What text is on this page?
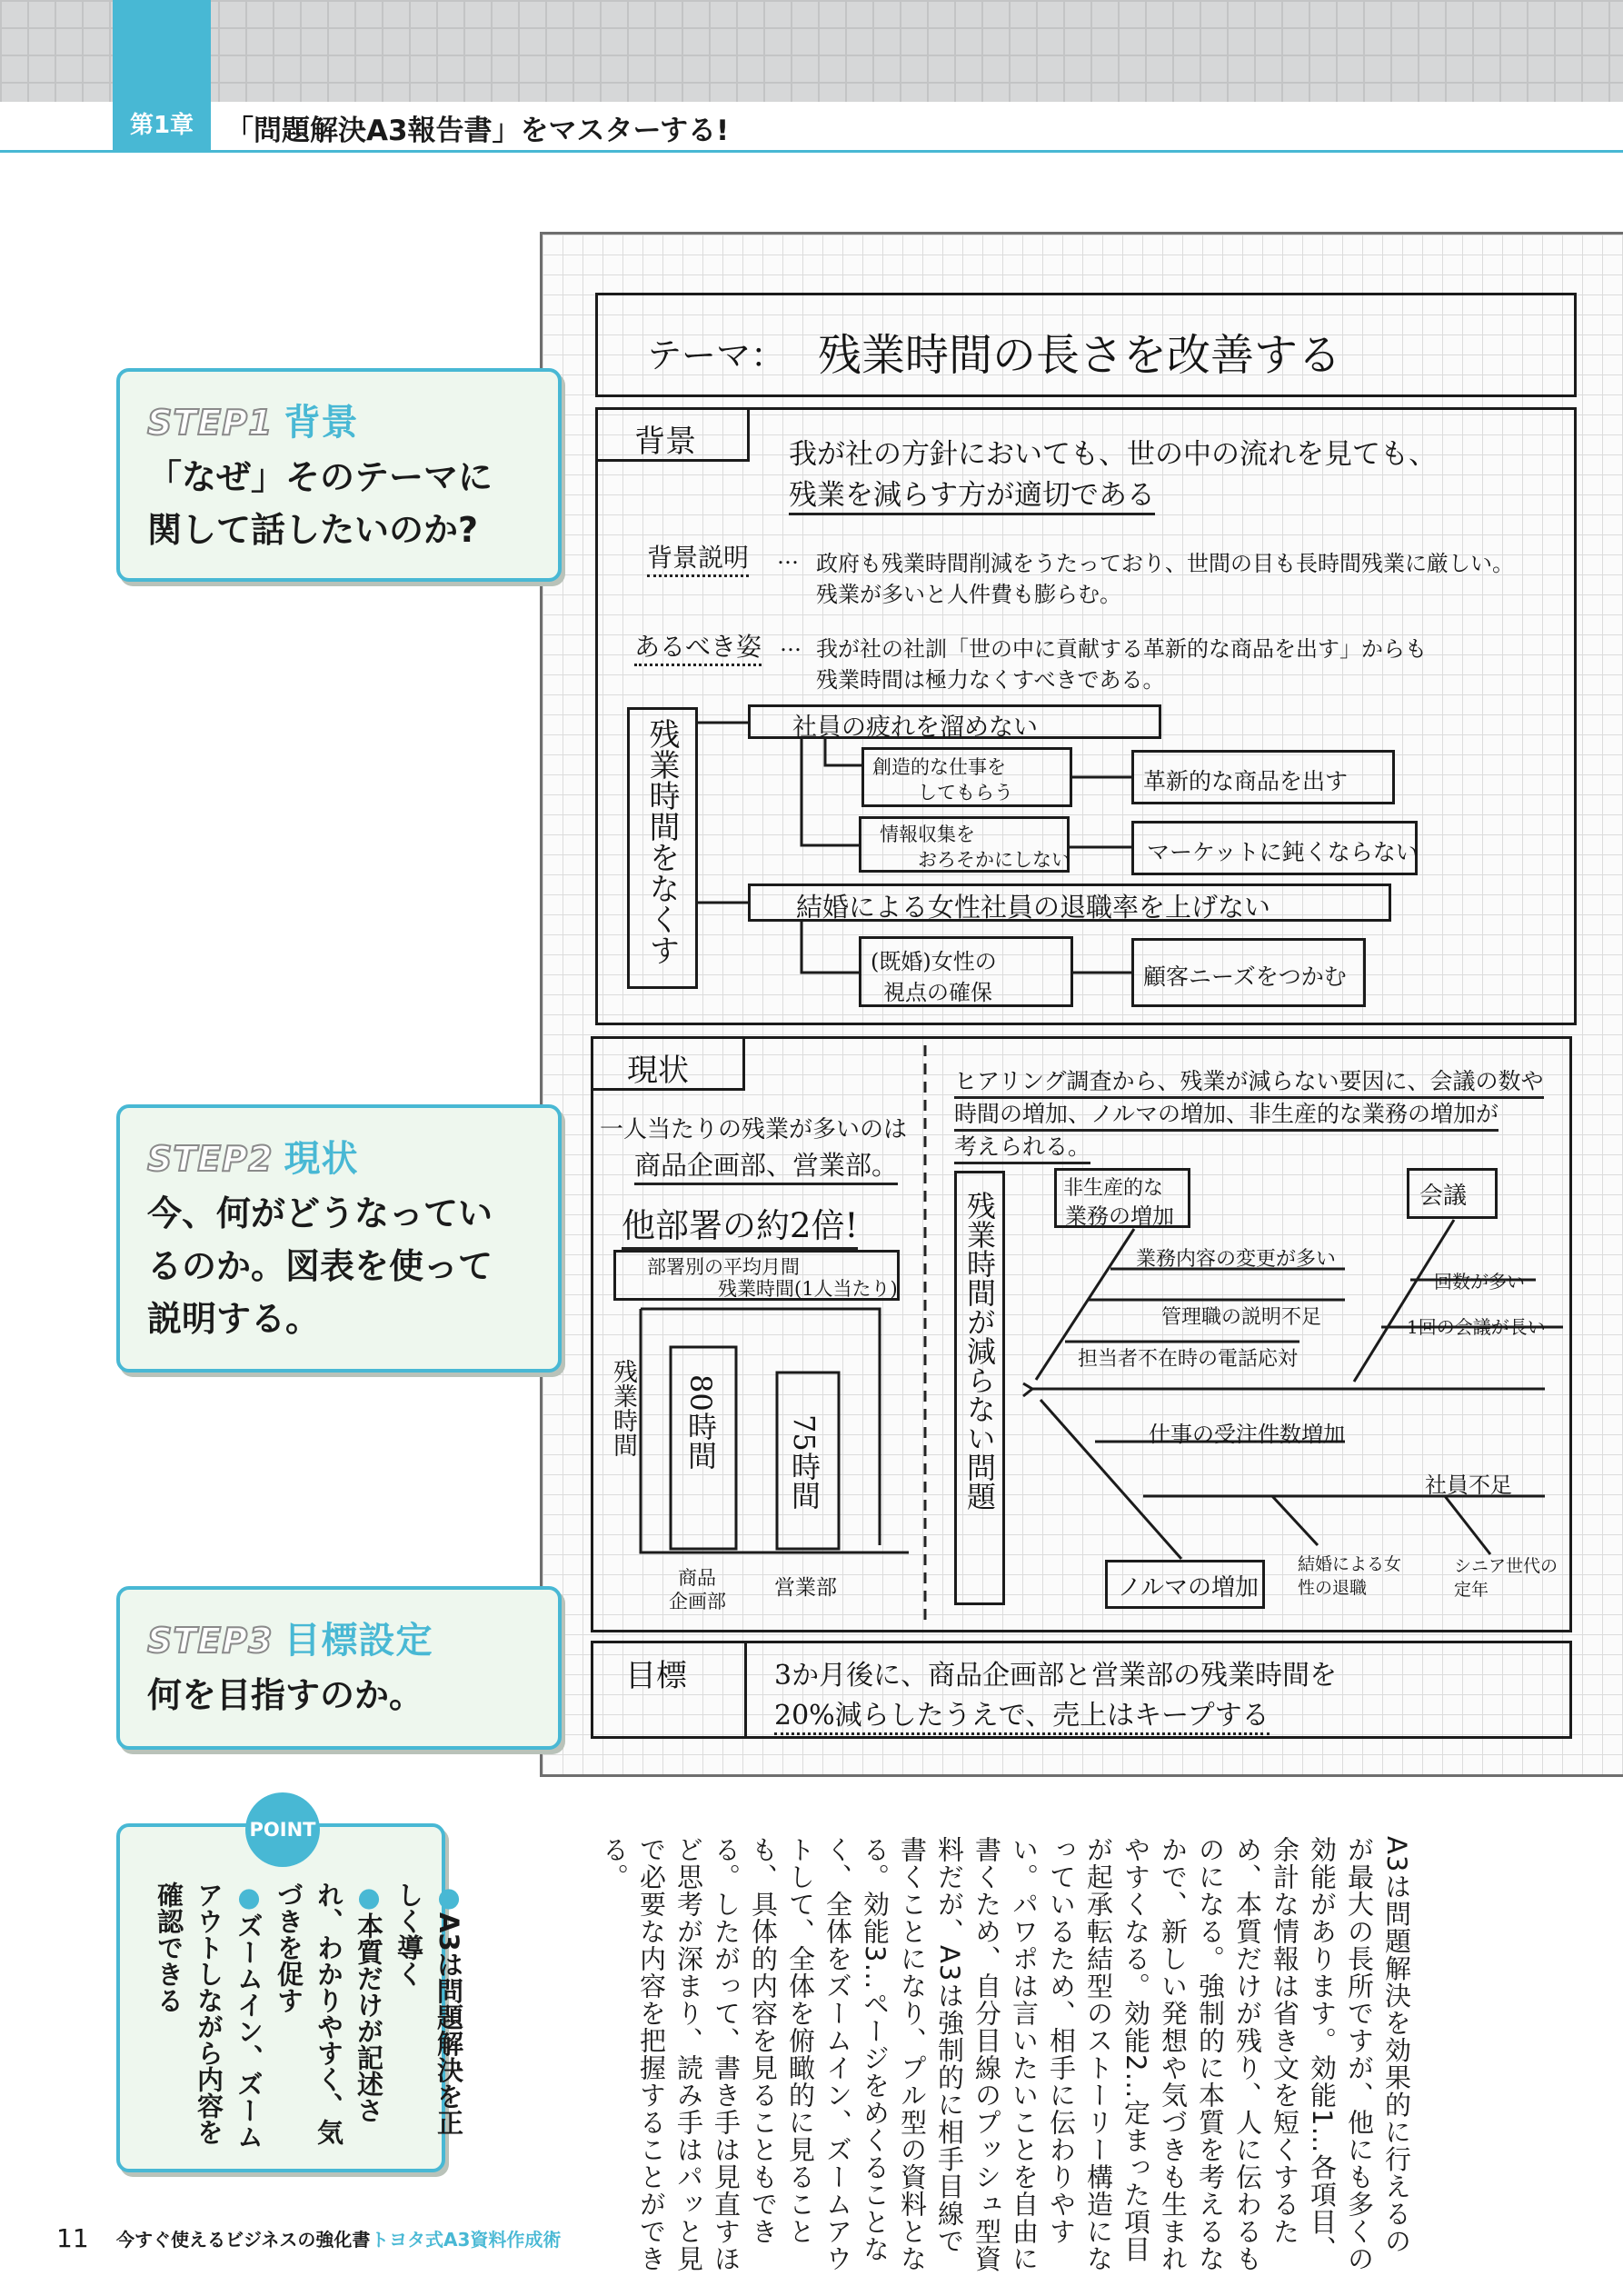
第1章	「問題解決A3報告書」をマスターする!
テーマ： 残業時間の長さを改善する
背景	我が社の方針においても、世の中の流れを見ても、
残業を減らす方が適切である
背景説明 … 政府も残業時間削減をうたっており、世間の目も長時間残業に厳しい。
残業が多いと人件費も膨らむ。
あるべき姿 … 我が社の社訓「世の中に貢献する革新的な商品を出す」からも
残業時間は極力なくすべきである。
残業時間をなくす	社員の疲れを溜めない
創造的な仕事を
してもらう	革新的な商品を出す
情報収集を
おろそかにしない	マーケットに鈍くならない
結婚による女性社員の退職率を上げない
(既婚)女性の
視点の確保
顧客ニーズをつかむ
現状
一人当たりの残業が多いのは
商品企画部、営業部。
他部署の約2倍!
部署別の平均月間
残業時間(1人当たり)
残業時間 80時間 75時間
商品
企画部
営業部
ヒアリング調査から、残業が減らない要因に、会議の数や
時間の増加、ノルマの増加、非生産的な業務の増加が
考えられる。
残業時間が減らない問題
非生産的な
業務の増加
会議
ノルマの増加
業務内容の変更が多い
管理職の説明不足
担当者不在時の電話応対
回数が多い
1回の会議が長い
仕事の受注件数増加
社員不足
結婚による女性の退職
シニア世代の定年
目標	3か月後に、商品企画部と営業部の残業時間を
20%減らしたうえで、売上はキープする
STEP1 背景
「なぜ」そのテーマに
関して話したいのか?
STEP2 現状
今、何がどうなってい
るのか。図表を使って
説明する。
STEP3 目標設定
何を目指すのか。
POINT
●A3は問題解決を正しく導く
●本質だけが記述され、わかりやすく、気づきを促す
●ズームイン、ズームアウトしながら内容を確認できる	A3は問題解決を効果的に行えるのが最大の長所ですが、他にも多くの効能があります。効能1…各項目、余計な情報は省き文を短くするため、本質だけが残り、人に伝わるものになる。強制的に本質を考えるなかで、新しい発想や気づきも生まれやすくなる。効能2…定まった項目が起承転結型のストーリー構造になっているため、相手に伝わりやすい。パワポは言いたいことを自由に書くため、自分目線のプッシュ型資料だが、A3は強制的に相手目線で書くことになり、プル型の資料となる。効能3…ページをめくることなく、全体をズームイン、ズームアウトして、全体を俯瞰的に見ることも、具体的内容を見ることもできる。したがって、書き手は見直すほど思考が深まり、読み手はパッと見で必要な内容を把握することができる。
11 今すぐ使えるビジネスの強化書 トヨタ式A3資料作成術
